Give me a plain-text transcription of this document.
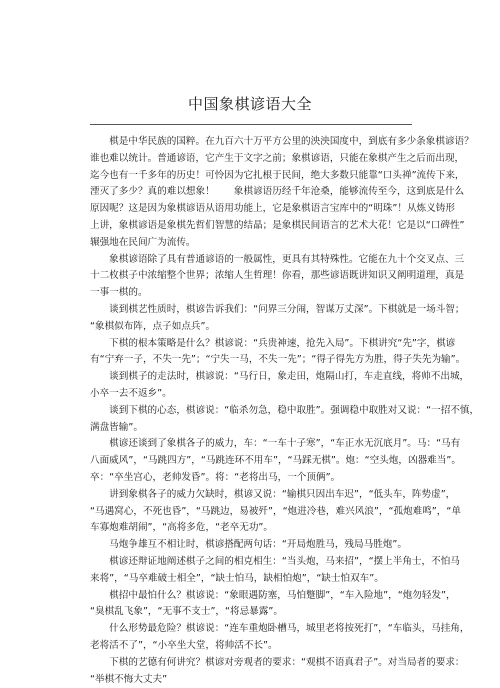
中国象棋谚语大全
　　棋是中华民族的国粹。在九百六十万平方公里的泱泱国度中，到底有多少条象棋谚语？
谁也难以统计。普通谚语，它产生于文字之前；象棋谚语，只能在象棋产生之后而出现，
迄今也有一千多年的历史！可怜因为它扎根于民间，绝大多数只能靠“口头禅”流传下来，
湮灭了多少？真的难以想象！　　象棋谚语历经千年沧桑，能够流传至今，这到底是什么
原因呢？这是因为象棋谚语从语用功能上，它是象棋语言宝库中的“明珠”！从炼义铸形
上讲，象棋谚语是象棋先哲们智慧的结晶；是象棋民间语言的艺术大花！它是以“口碑性”
辗强地在民间广为流传。
　　象棋谚语除了具有普通谚语的一般属性，更具有其特殊性。它能在九十个交叉点、三
十二枚棋子中浓缩整个世界；浓缩人生哲理！你看，那些谚语既讲知识又阐明道理，真是
一事一棋的。
　　谈到棋艺性质时，棋谚告诉我们：“问界三分闹，智谋万丈深”。下棋就是一场斗智；
“象棋似布阵，点子如点兵”。
　　下棋的根本策略是什么？棋谚说：“兵贵神速，抢先入局”。下棋讲究“先”字，棋谚
有“宁弃一子，不失一先”；“宁失一马，不失一先”；“得子得先方为胜，得子失先为输”。
　　谈到棋子的走法时，棋谚说：“马行日，象走田，炮隔山打，车走直线，将帅不出城，
小卒一去不返乡”。
　　谈到下棋的心态，棋谚说：“临杀勿急，稳中取胜”。强调稳中取胜对又说：“一招不慎，
满盘皆输”。
　　棋谚还谈到了象棋各子的威力，车：“一车十子寒”，“车正水无沉底月”。马：“马有
八面威风”，“马跳四方”，“马跳连环不用车”，“马踩无棋”。炮：“空头炮，凶器难当”。
卒：“卒坐宫心，老帅发昏”。将：“老将出马，一个顶俩”。
　　讲到象棋各子的威力欠缺时，棋谚又说：“输棋只因出车迟”，“低头车，阵势虚”，
“马遇窝心，不死也昏”，“马跳边，易被歼”，“炮进冷巷，难兴风浪”，“孤炮难鸣”，“单
车寡炮难胡闹”，“高将多危，“老卒无功”。
　　马炮争雄互不相让时，棋谚搭配两句话：“开局炮胜马，残局马胜炮”。
　　棋谚还辩证地阐述棋子之间的相克相生：“当头炮，马来招”，“摆上半角士，不怕马
来将”，“马卒难破士相全”，“缺士怕马，缺相怕炮”，“缺士怕双车”。
　　棋招中最怕什么？棋谚说：“象眼遇防塞，马怕蹩脚”，“车入险地”，“炮勿轻发”，
“臭棋乱飞象”，“无事不支士”，“将忌暴露”。
　　什么形势最危险？棋谚说：“连车重炮卧槽马，城里老将按死打”，“车临头，马挂角，
老将活不了”，“小卒坐大堂，将帅活不长”。
　　下棋的艺德有何讲究？棋谚对旁观者的要求：“观棋不语真君子”。对当局者的要求：
“举棋不悔大丈夫”
